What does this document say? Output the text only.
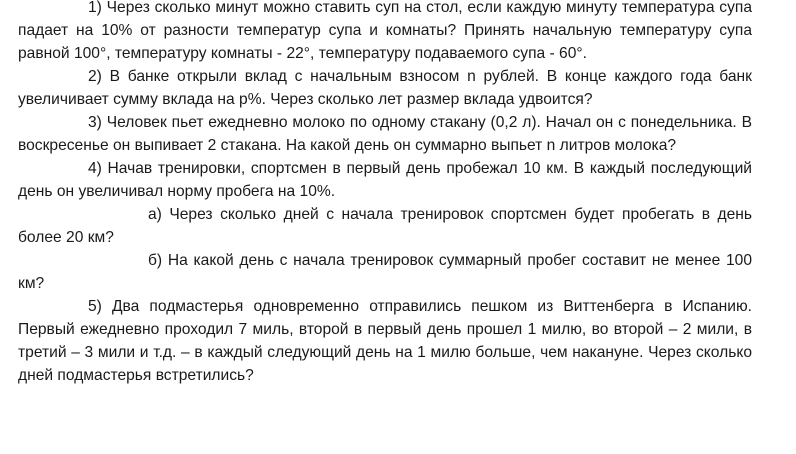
1) Через сколько минут можно ставить суп на стол, если каждую минуту температура супа падает на 10% от разности температур супа и комнаты? Принять начальную температуру супа равной 100°, температуру комнаты - 22°, температуру подаваемого супа - 60°.

2) В банке открыли вклад с начальным взносом n рублей. В конце каждого года банк увеличивает сумму вклада на p%. Через сколько лет размер вклада удвоится?

3) Человек пьет ежедневно молоко по одному стакану (0,2 л). Начал он с понедельника. В воскресенье он выпивает 2 стакана. На какой день он суммарно выпьет n литров молока?

4) Начав тренировки, спортсмен в первый день пробежал 10 км. В каждый последующий день он увеличивал норму пробега на 10%.

а) Через сколько дней с начала тренировок спортсмен будет пробегать в день более 20 км?

б) На какой день с начала тренировок суммарный пробег составит не менее 100 км?

5) Два подмастерья одновременно отправились пешком из Виттенберга в Испанию. Первый ежедневно проходил 7 миль, второй в первый день прошел 1 милю, во второй – 2 мили, в третий – 3 мили и т.д. – в каждый следующий день на 1 милю больше, чем накануне. Через сколько дней подмастерья встретились?
